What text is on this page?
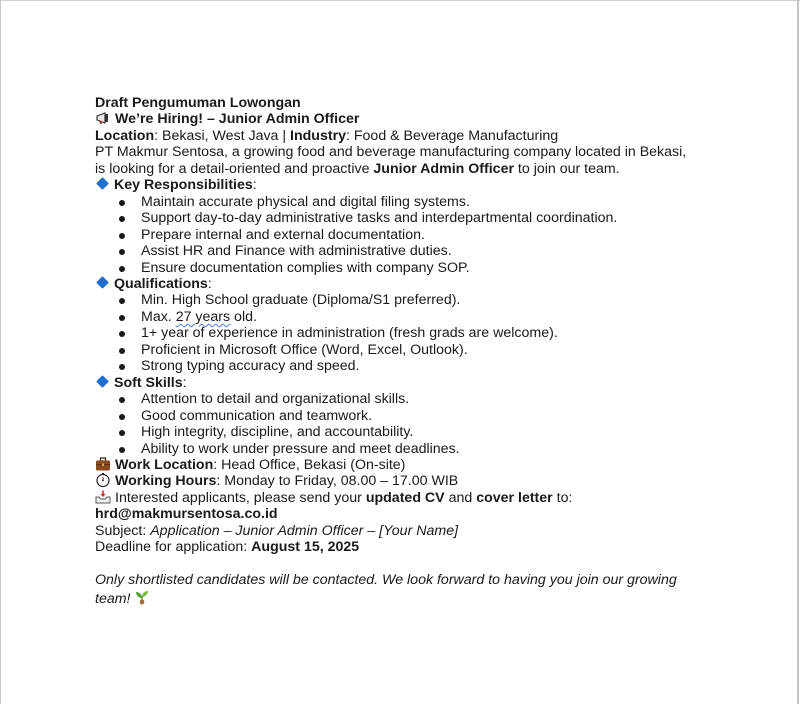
Draft Pengumuman Lowongan
We’re Hiring! – Junior Admin Officer
Location: Bekasi, West Java | Industry: Food & Beverage Manufacturing
PT Makmur Sentosa, a growing food and beverage manufacturing company located in Bekasi,
is looking for a detail-oriented and proactive Junior Admin Officer to join our team.
Key Responsibilities:
Maintain accurate physical and digital filing systems.
Support day-to-day administrative tasks and interdepartmental coordination.
Prepare internal and external documentation.
Assist HR and Finance with administrative duties.
Ensure documentation complies with company SOP.
Qualifications:
Min. High School graduate (Diploma/S1 preferred).
Max. 27 years old.
1+ year of experience in administration (fresh grads are welcome).
Proficient in Microsoft Office (Word, Excel, Outlook).
Strong typing accuracy and speed.
Soft Skills:
Attention to detail and organizational skills.
Good communication and teamwork.
High integrity, discipline, and accountability.
Ability to work under pressure and meet deadlines.
Work Location: Head Office, Bekasi (On-site)
Working Hours: Monday to Friday, 08.00 – 17.00 WIB
Interested applicants, please send your updated CV and cover letter to:
hrd@makmursentosa.co.id
Subject: Application – Junior Admin Officer – [Your Name]
Deadline for application: August 15, 2025
Only shortlisted candidates will be contacted. We look forward to having you join our growing
team!
